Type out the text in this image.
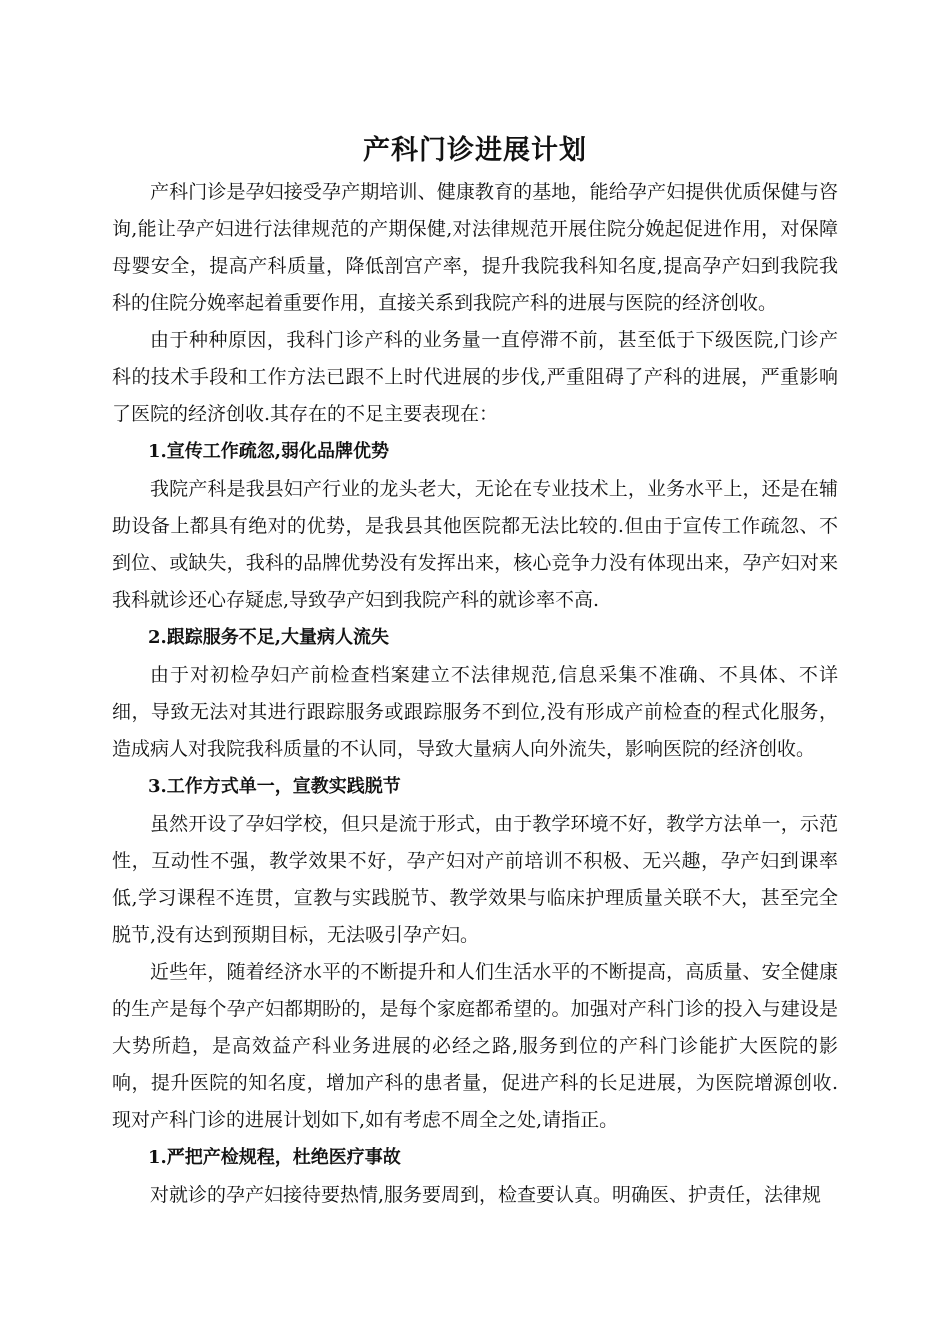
产科门诊进展计划

产科门诊是孕妇接受孕产期培训、健康教育的基地，能给孕产妇提供优质保健与咨询,能让孕产妇进行法律规范的产期保健,对法律规范开展住院分娩起促进作用，对保障母婴安全，提高产科质量，降低剖宫产率，提升我院我科知名度,提高孕产妇到我院我科的住院分娩率起着重要作用，直接关系到我院产科的进展与医院的经济创收。

由于种种原因，我科门诊产科的业务量一直停滞不前，甚至低于下级医院,门诊产科的技术手段和工作方法已跟不上时代进展的步伐,严重阻碍了产科的进展，严重影响了医院的经济创收.其存在的不足主要表现在：

1.宣传工作疏忽,弱化品牌优势

我院产科是我县妇产行业的龙头老大，无论在专业技术上，业务水平上，还是在辅助设备上都具有绝对的优势，是我县其他医院都无法比较的.但由于宣传工作疏忽、不到位、或缺失，我科的品牌优势没有发挥出来，核心竞争力没有体现出来，孕产妇对来我科就诊还心存疑虑,导致孕产妇到我院产科的就诊率不高.

2.跟踪服务不足,大量病人流失

由于对初检孕妇产前检查档案建立不法律规范,信息采集不准确、不具体、不详细，导致无法对其进行跟踪服务或跟踪服务不到位,没有形成产前检查的程式化服务，造成病人对我院我科质量的不认同，导致大量病人向外流失，影响医院的经济创收。

3.工作方式单一，宣教实践脱节

虽然开设了孕妇学校，但只是流于形式，由于教学环境不好，教学方法单一，示范性，互动性不强，教学效果不好，孕产妇对产前培训不积极、无兴趣，孕产妇到课率低,学习课程不连贯，宣教与实践脱节、教学效果与临床护理质量关联不大，甚至完全脱节,没有达到预期目标，无法吸引孕产妇。

近些年，随着经济水平的不断提升和人们生活水平的不断提高，高质量、安全健康的生产是每个孕产妇都期盼的，是每个家庭都希望的。加强对产科门诊的投入与建设是大势所趋，是高效益产科业务进展的必经之路,服务到位的产科门诊能扩大医院的影响，提升医院的知名度，增加产科的患者量，促进产科的长足进展，为医院增源创收.现对产科门诊的进展计划如下,如有考虑不周全之处,请指正。

1.严把产检规程，杜绝医疗事故

对就诊的孕产妇接待要热情,服务要周到，检查要认真。明确医、护责任，法律规
